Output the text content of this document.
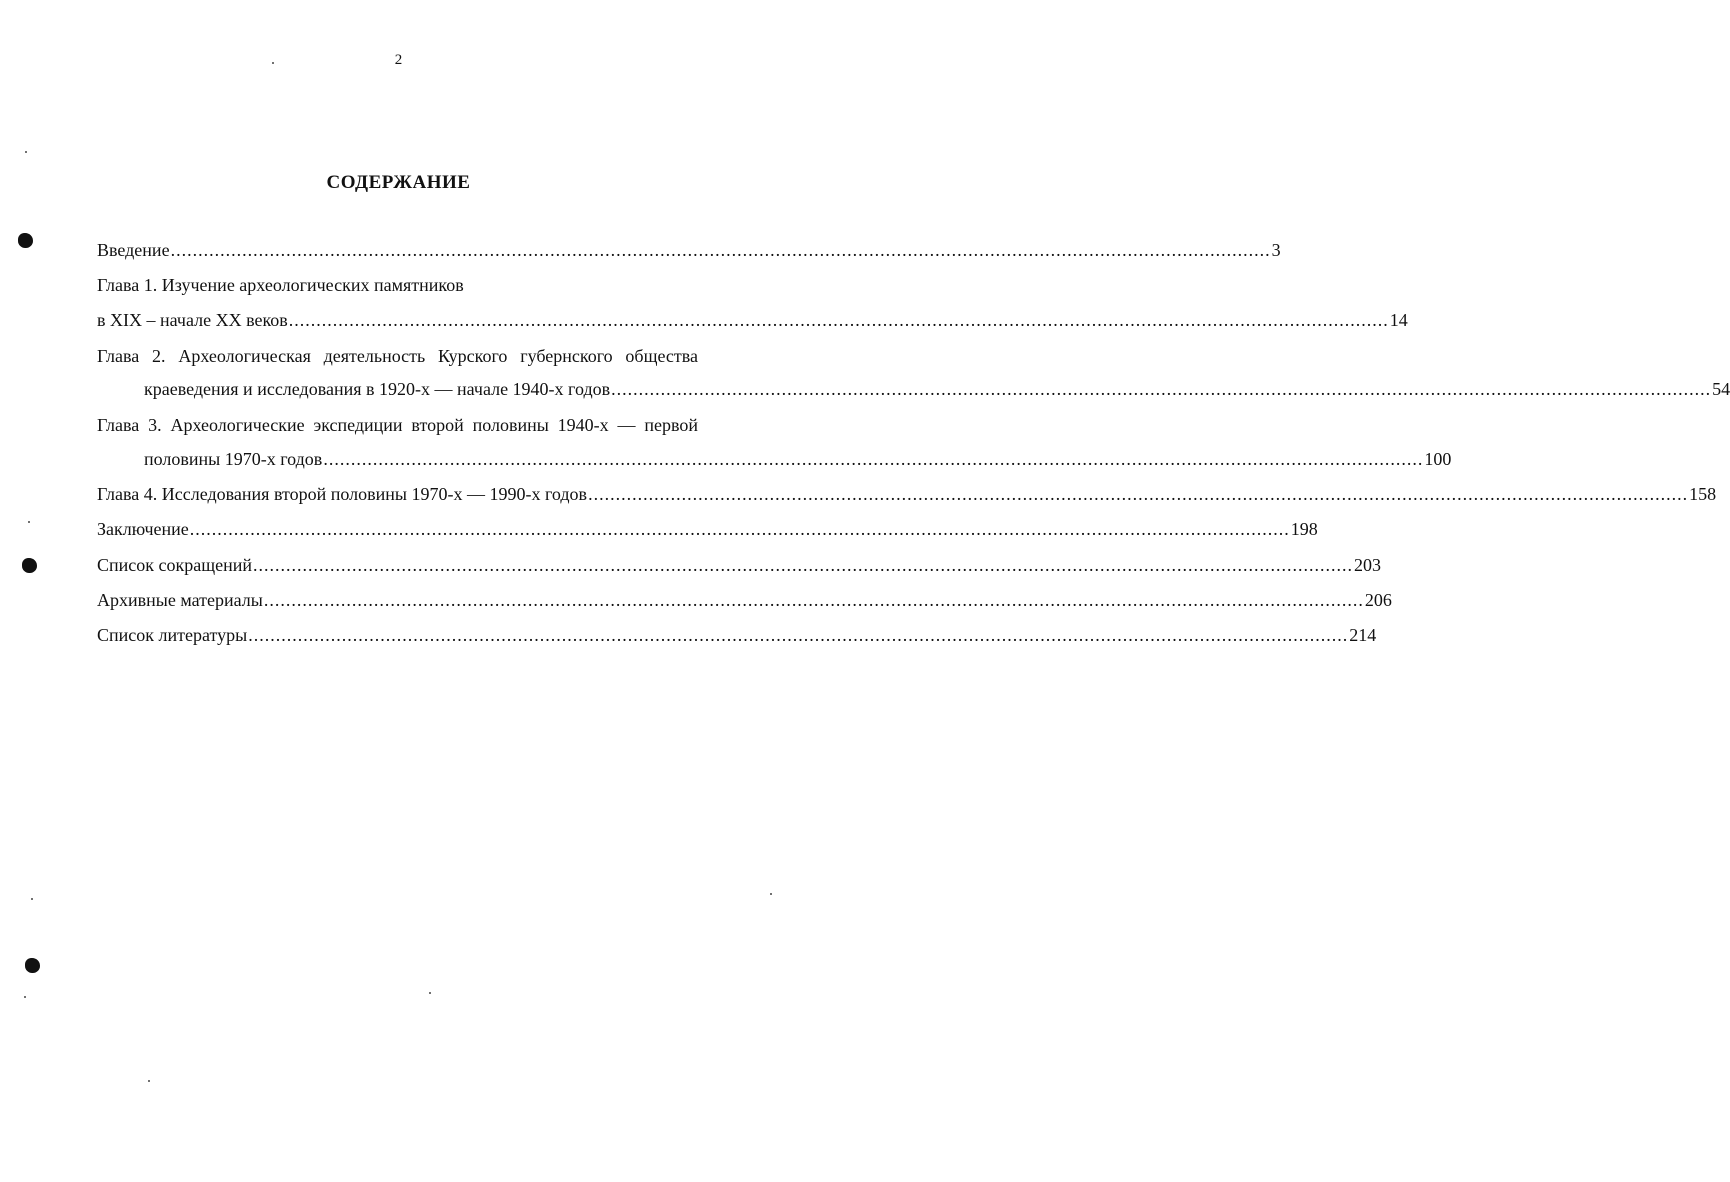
2
СОДЕРЖАНИЕ
Введение ........................................................................................................................................................................................................ 3
Глава 1. Изучение археологических памятников
в XIX – начале XX веков ........................................................................................................................................................................................................ 14
Глава 2. Археологическая деятельность Курского губернского общества
краеведения и исследования в 1920-х — начале 1940-х годов ........................................................................................................................................................................................................ 54
Глава 3. Археологические экспедиции второй половины 1940-х — первой
половины 1970-х годов ........................................................................................................................................................................................................ 100
Глава 4. Исследования второй половины 1970-х — 1990-х годов ........................................................................................................................................................................................................ 158
Заключение ........................................................................................................................................................................................................ 198
Список сокращений ........................................................................................................................................................................................................ 203
Архивные материалы ........................................................................................................................................................................................................ 206
Список литературы ........................................................................................................................................................................................................ 214
